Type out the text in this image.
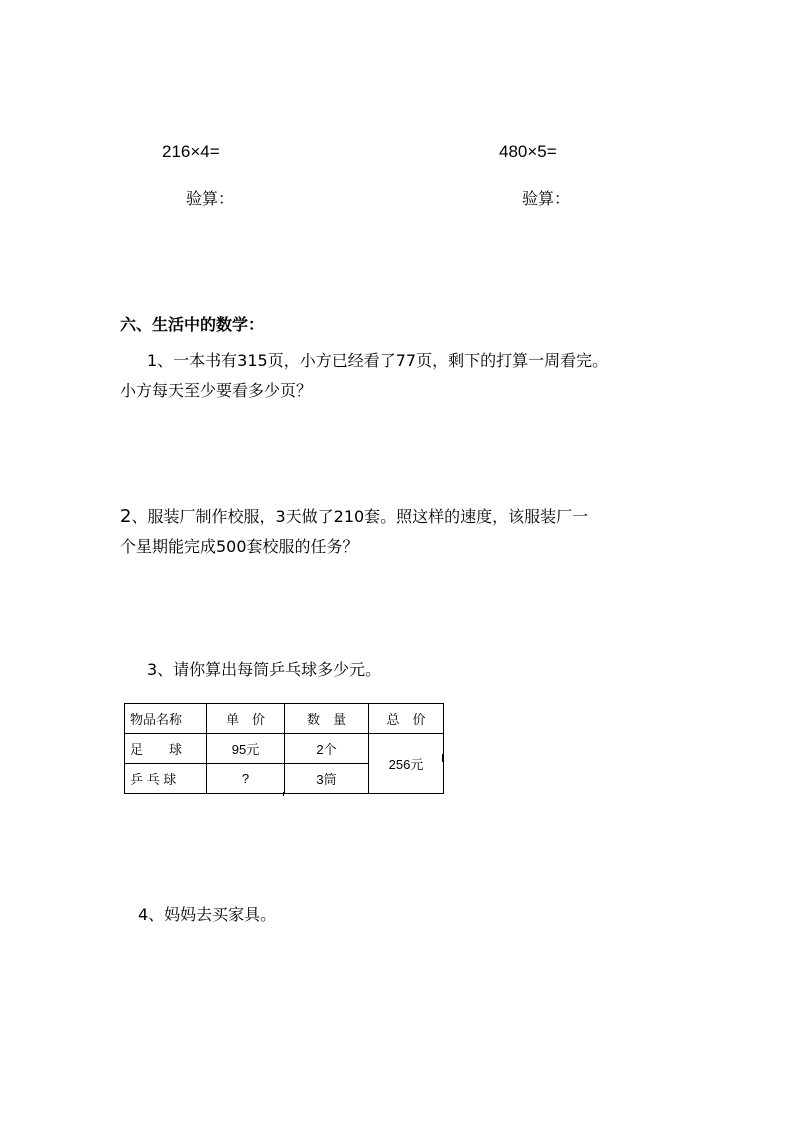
216×4=	480×5=
验算：	验算：
六、生活中的数学：
1、一本书有315页，小方已经看了77页，剩下的打算一周看完。
小方每天至少要看多少页？
2、服装厂制作校服，3天做了210套。照这样的速度，该服装厂一
个星期能完成500套校服的任务？
3、请你算出每筒乒乓球多少元。
物品名称	单　价	数　量	总　价
足　　球	95元	2个	256元
乒 乓 球	?	3筒	
4、妈妈去买家具。
